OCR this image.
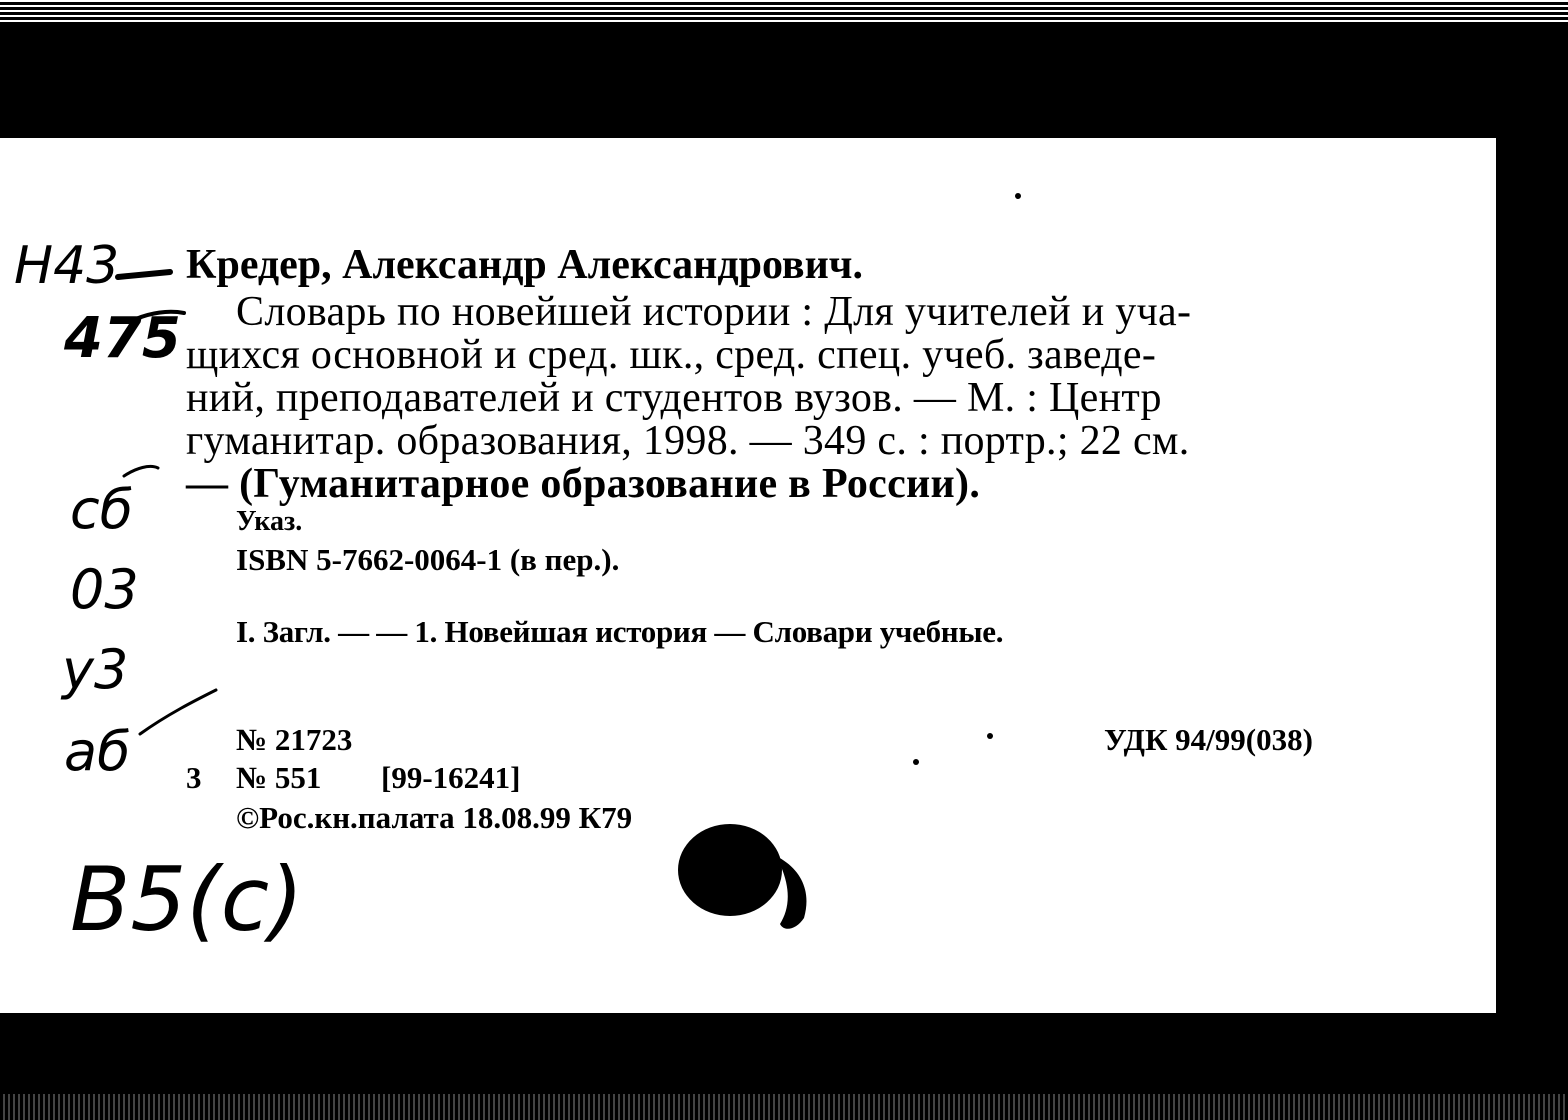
Кредер, Александр Александрович.
Словарь по новейшей истории : Для учителей и уча-
щихся основной и сред. шк., сред. спец. учеб. заведе-
ний, преподавателей и студентов вузов. — М. : Центр
гуманитар. образования, 1998. — 349 с. : портр.; 22 см.
— (Гуманитарное образование в России).
Указ.
ISBN 5-7662-0064-1 (в пер.).
I. Загл. — — 1. Новейшая история — Словари учебные.
№ 21723	УДК 94/99(038)
3 № 551 [99-16241]
©Рос.кн.палата 18.08.99 К79
Н43
475
сб
03
у3
аб
В5(с)
